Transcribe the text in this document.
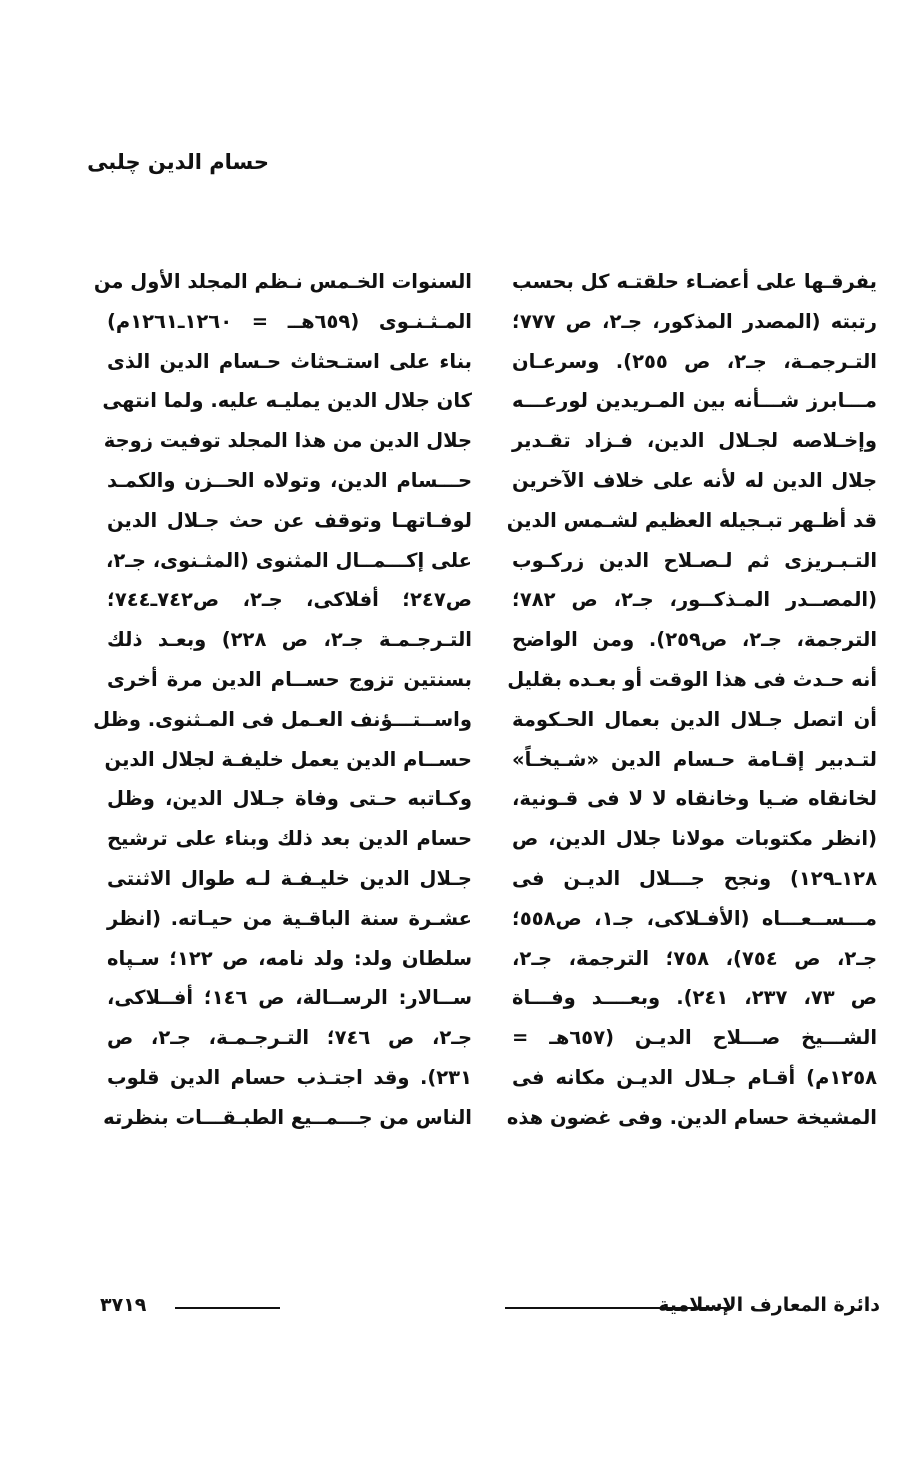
حسام الدين چلبى
يفرقـها على أعضـاء حلقتـه كل بحسب
رتبته (المصدر المذكور، جـ٢، ص ٧٧٧؛
التـرجمـة، جـ٢، ص ٢٥٥). وسرعـان
مـــابرز شـــأنه بين المـريدين لورعـــه
وإخـلاصه لجـلال الدين، فـزاد تقـدير
جلال الدين له لأنه على خلاف الآخرين
قد أظـهر تبـجيله العظيم لشـمس الدين
التـبـريزى ثم لـصـلاح الدين زركـوب
(المصــدر المـذكــور، جـ٢، ص ٧٨٢؛
الترجمة، جـ٢، ص٢٥٩). ومن الواضح
أنه حـدث فى هذا الوقت أو بعـده بقليل
أن اتصل جـلال الدين بعمال الحـكومة
لتـدبير إقـامة حـسام الدين «شـيخـاً»
لخانقاه ضـيا وخانقاه لا لا فى قـونية،
(انظر مكتوبات مولانا جلال الدين، ص
١٢٨ـ١٢٩) ونجح جـــلال الديـن فى
مـــســعـــاه (الأفـلاكى، جـ١، ص٥٥٨؛
جـ٢، ص ٧٥٤)، ٧٥٨؛ الترجمة، جـ٢،
ص ٧٣، ٢٣٧، ٢٤١). وبعــــد وفـــاة
الشـــيخ صـــلاح الديـن (٦٥٧هـ =
١٢٥٨م) أقـام جـلال الديـن مكانه فى
المشيخة حسام الدين. وفى غضون هذه
السنوات الخـمس نـظم المجلد الأول من
المـثـنـوى (٦٥٩هــ = ١٢٦٠ـ١٢٦١م)
بناء على استـحثاث حـسام الدين الذى
كان جلال الدين يمليـه عليه. ولما انتهى
جلال الدين من هذا المجلد توفيت زوجة
حـــسام الدين، وتولاه الحــزن والكمـد
لوفـاتهـا وتوقف عن حث جـلال الدين
على إكـــمــال المثنوى (المثـنوى، جـ٢،
ص٢٤٧؛ أفلاكى، جـ٢، ص٧٤٢ـ٧٤٤؛
التـرجـمـة جـ٢، ص ٢٢٨) وبعـد ذلك
بسنتين تزوج حســام الدين مرة أخرى
واســتـــؤنف العـمل فى المـثنوى. وظل
حســام الدين يعمل خليفـة لجلال الدين
وكـاتبه حـتى وفاة جـلال الدين، وظل
حسام الدين بعد ذلك وبناء على ترشيح
جـلال الدين خليـفـة لـه طوال الاثنتى
عشـرة سنة الباقـية من حيـاته. (انظر
سلطان ولد: ولد نامه، ص ١٢٢؛ سـپاه
ســالار: الرســالة، ص ١٤٦؛ أفــلاكى،
جـ٢، ص ٧٤٦؛ التـرجـمـة، جـ٢، ص
٢٣١). وقد اجتـذب حسام الدين قلوب
الناس من جـــمــيع الطبـقـــات بنظرته
دائرة المعارف الإسلامية
٣٧١٩
